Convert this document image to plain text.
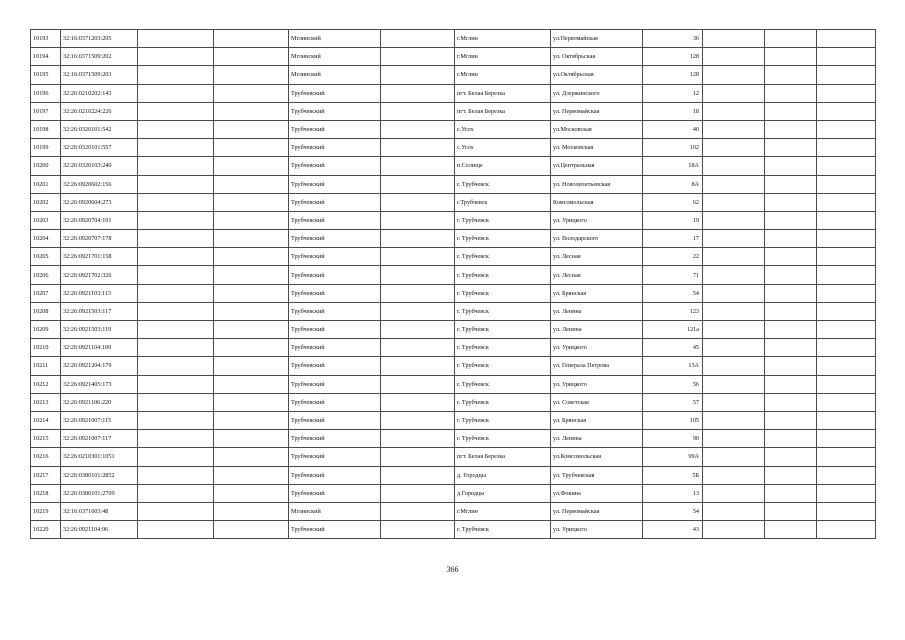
10193	32:16:0371203:205			Мглинский		г.Мглин	ул.Первомайская	36			
10194	32:16:0371509:202			Мглинский		г.Мглин	ул. Октябрьская	128			
10195	32:16:0371509:203			Мглинский		г.Мглин	ул.Октябрьская	128			
10196	32:26:0210202:143			Трубчевский		пгт. Белая Березка	ул. Дзержинского	12			
10197	32:26:0210224:226			Трубчевский		пгт. Белая Березка	ул. Первомайская	18			
10198	32:26:0320101:542			Трубчевский		с.Усох	ул.Московская	40			
10199	32:26:0320101:557			Трубчевский		с.Усох	ул. Московская	102			
10200	32:26:0320103:240			Трубчевский		п.Селище	ул.Центральная	18А			
10201	32:26:0920602:156			Трубчевский		г. Трубчевск	ул. Новолеонтьевская	8А			
10202	32:26:0920604:273			Трубчевский		г.Трубчевск	Комсомольская	62			
10203	32:26:0920704:101			Трубчевский		г. Трубчевск	ул. Урицкого	19			
10204	32:26:0920707:178			Трубчевский		г. Трубчевск	ул. Володарского	17			
10205	32:26:0921701:158			Трубчевский		г. Трубчевск	ул. Лесная	22			
10206	32:26:0921702:326			Трубчевский		г. Трубчевск	ул. Лесная	71			
10207	32:26:0921103:113			Трубчевский		г. Трубчевск	ул. Брянская	54			
10208	32:26:0921503:117			Трубчевский		г. Трубчевск	ул. Ленина	123			
10209	32:26:0921503:119			Трубчевский		г. Трубчевск	ул. Ленина	121а			
10210	32:26:0921104:109			Трубчевский		г. Трубчевск	ул. Урицкого	45			
10211	32:26:0921204:179			Трубчевский		г. Трубчевск	ул. Генерала Петрова	13А			
10212	32:26:0921405:173			Трубчевский		г. Трубчевск	ул. Урицкого	56			
10213	32:26:0921106:220			Трубчевский		г. Трубчевск	ул. Советская	57			
10214	32:26:0921007:115			Трубчевский		г. Трубчевск	ул. Брянская	105			
10215	32:26:0921007:117			Трубчевский		г. Трубчевск	ул. Ленина	90			
10216	32:26:0210301:1051			Трубчевский		пгт. Белая Березка	ул.Комсомольская	99А			
10217	32:26:0380101:2852			Трубчевский		д. Городцы	ул. Трубчевская	5Б			
10218	32:26:0380101:2709			Трубчевский		д.Городцы	ул.Фокина	13			
10219	32:16:0371603:48			Мглинский		г.Мглин	ул. Первомайская	54			
10220	32:26:0921104:96			Трубчевский		г. Трубчевск	ул. Урицкого	43			
366
